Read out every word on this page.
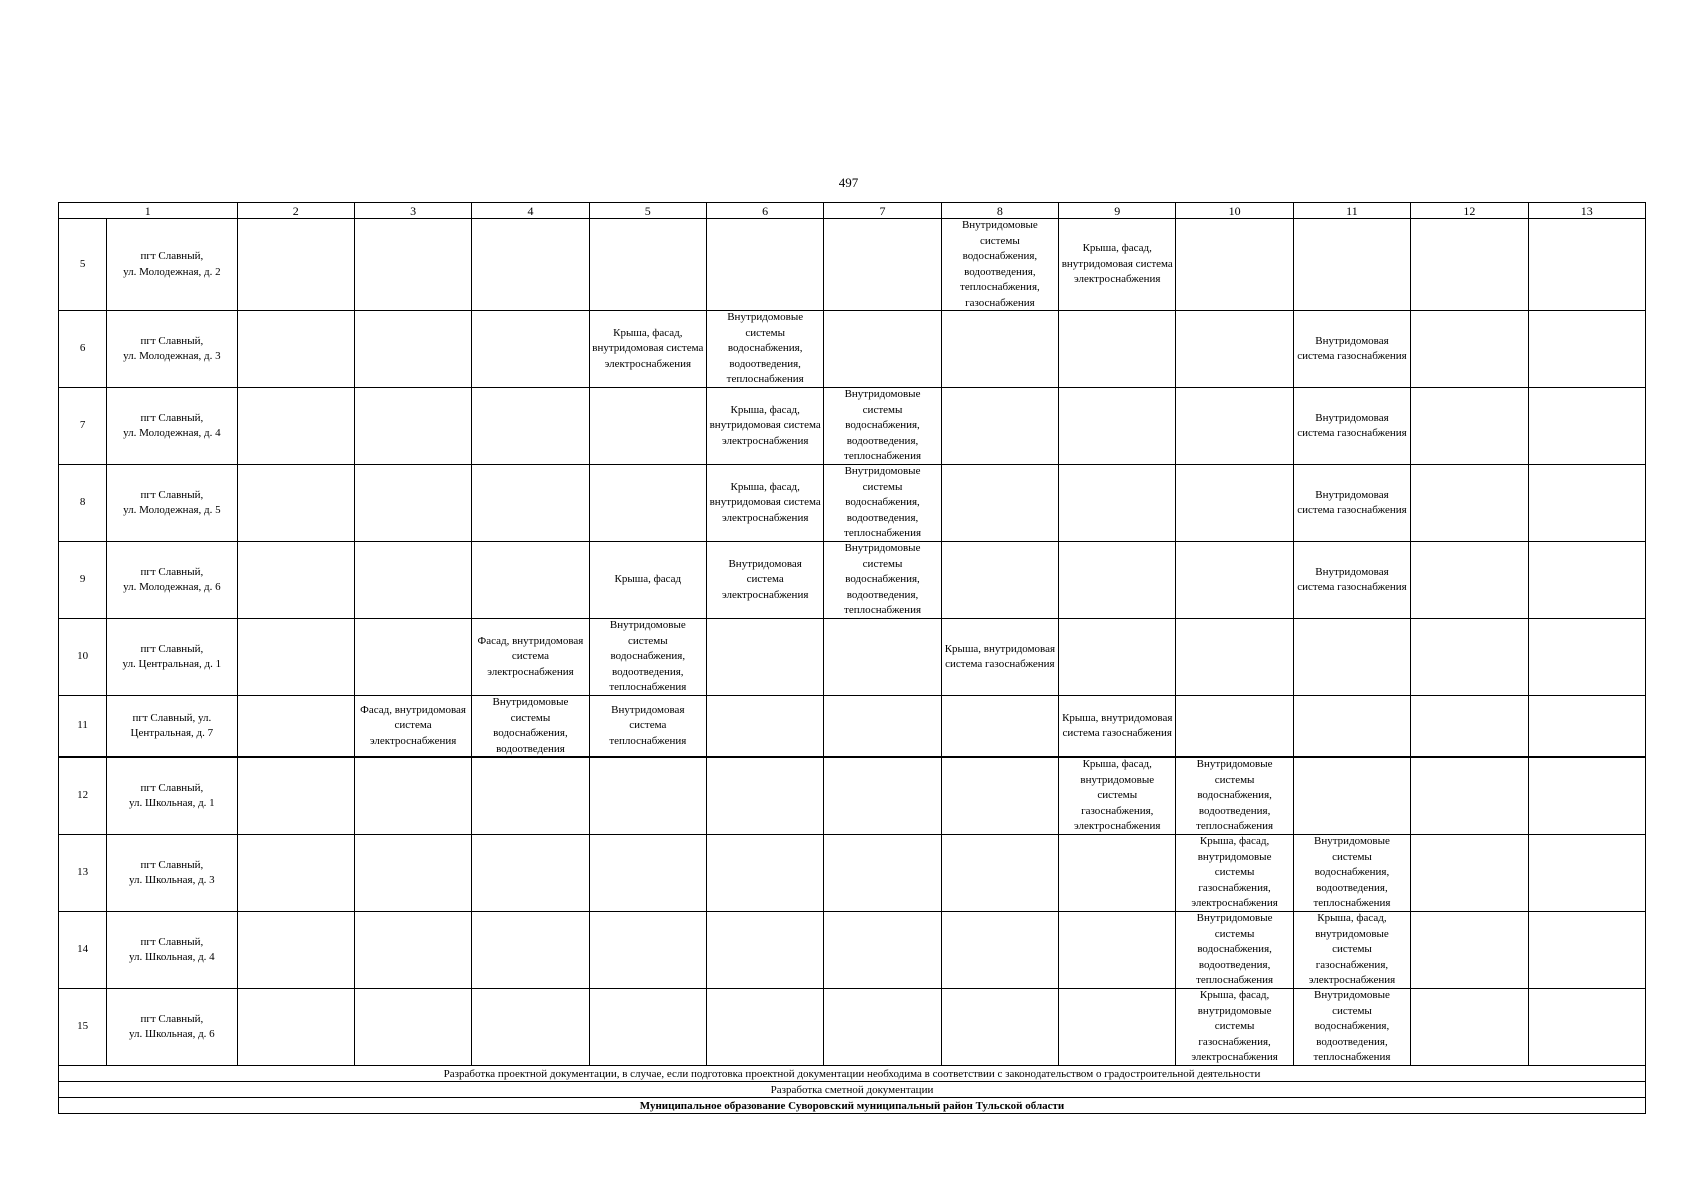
497
1		2	3	4	5	6	7	8	9	10	11	12	13
5	пгт Славный,
ул. Молодежная, д. 2							Внутридомовые системы водоснабжения, водоотведения, теплоснабжения, газоснабжения	Крыша, фасад, внутридомовая система электроснабжения				

6	пгт Славный,
ул. Молодежная, д. 3				Крыша, фасад, внутридомовая система электроснабжения	Внутридомовые системы водоснабжения, водоотведения, теплоснабжения					Внутридомовая система газоснабжения		

7	пгт Славный,
ул. Молодежная, д. 4					Крыша, фасад, внутридомовая система электроснабжения	Внутридомовые системы водоснабжения, водоотведения, теплоснабжения				Внутридомовая система газоснабжения		

8	пгт Славный,
ул. Молодежная, д. 5					Крыша, фасад, внутридомовая система электроснабжения	Внутридомовые системы водоснабжения, водоотведения, теплоснабжения				Внутридомовая система газоснабжения		

9	пгт Славный,
ул. Молодежная, д. 6				Крыша, фасад	Внутридомовая система электроснабжения	Внутридомовые системы водоснабжения, водоотведения, теплоснабжения				Внутридомовая система газоснабжения		

10	пгт Славный,
ул. Центральная, д. 1			Фасад, внутридомовая система электроснабжения	Внутридомовые системы водоснабжения, водоотведения, теплоснабжения			Крыша, внутридомовая система газоснабжения					

11	пгт Славный, ул.
Центральная, д. 7		Фасад, внутридомовая система электроснабжения	Внутридомовые системы водоснабжения, водоотведения	Внутридомовая система теплоснабжения				Крыша, внутридомовая система газоснабжения				

12	пгт Славный,
ул. Школьная, д. 1								Крыша, фасад, внутридомовые системы газоснабжения, электроснабжения	Внутридомовые системы водоснабжения, водоотведения, теплоснабжения			

13	пгт Славный,
ул. Школьная, д. 3									Крыша, фасад, внутридомовые системы газоснабжения, электроснабжения	Внутридомовые системы водоснабжения, водоотведения, теплоснабжения		

14	пгт Славный,
ул. Школьная, д. 4									Внутридомовые системы водоснабжения, водоотведения, теплоснабжения	Крыша, фасад, внутридомовые системы газоснабжения, электроснабжения		

15	пгт Славный,
ул. Школьная, д. 6									Крыша, фасад, внутридомовые системы газоснабжения, электроснабжения	Внутридомовые системы водоснабжения, водоотведения, теплоснабжения		

Разработка проектной документации, в случае, если подготовка проектной документации необходима в соответствии с законодательством о градостроительной деятельности													
Разработка сметной документации													
Муниципальное образование Суворовский муниципальный район Тульской области													
